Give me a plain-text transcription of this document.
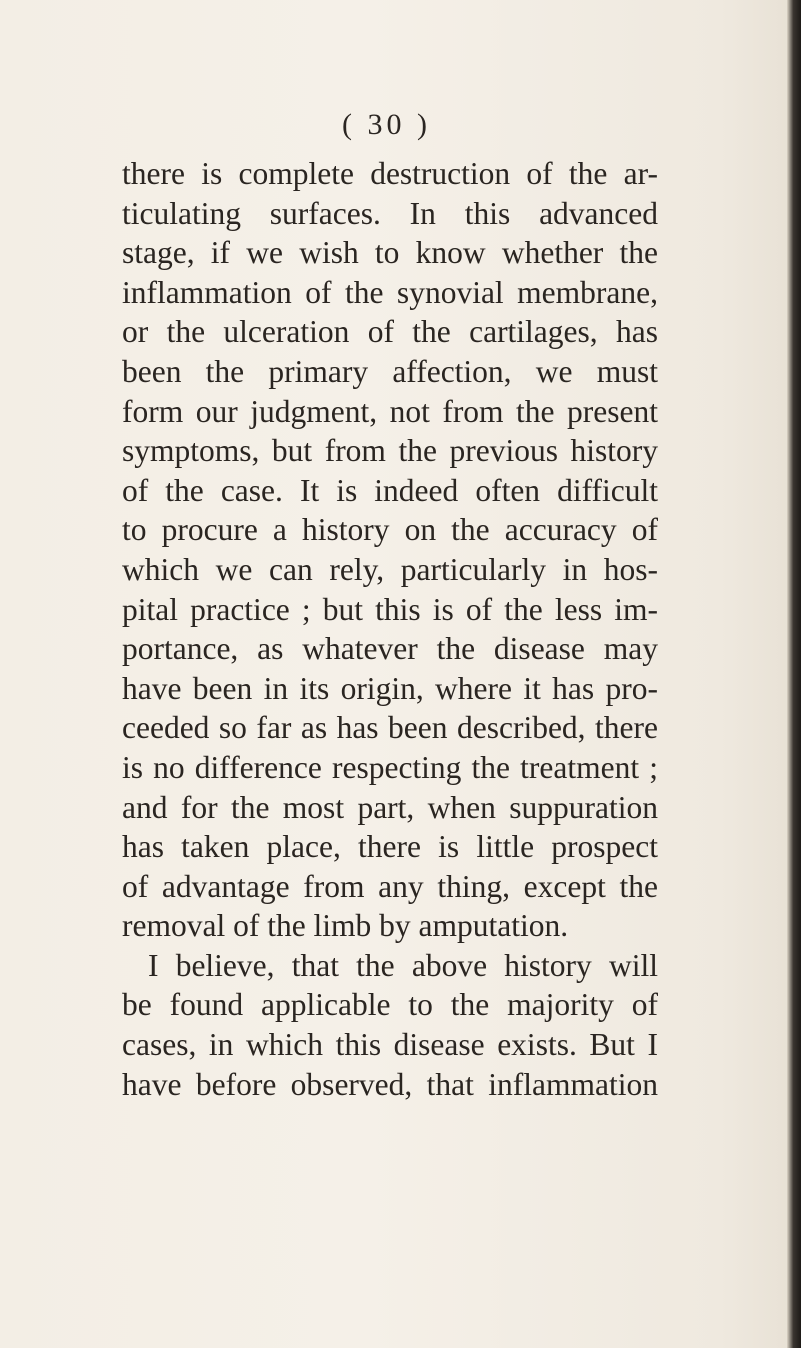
( 30 )
there is complete destruction of the ar-
ticulating surfaces. In this advanced
stage, if we wish to know whether the
inflammation of the synovial membrane,
or the ulceration of the cartilages, has
been the primary affection, we must
form our judgment, not from the present
symptoms, but from the previous history
of the case. It is indeed often difficult
to procure a history on the accuracy of
which we can rely, particularly in hos-
pital practice ; but this is of the less im-
portance, as whatever the disease may
have been in its origin, where it has pro-
ceeded so far as has been described, there
is no difference respecting the treatment ;
and for the most part, when suppuration
has taken place, there is little prospect
of advantage from any thing, except the
removal of the limb by amputation.
I believe, that the above history will
be found applicable to the majority of
cases, in which this disease exists. But I
have before observed, that inflammation
